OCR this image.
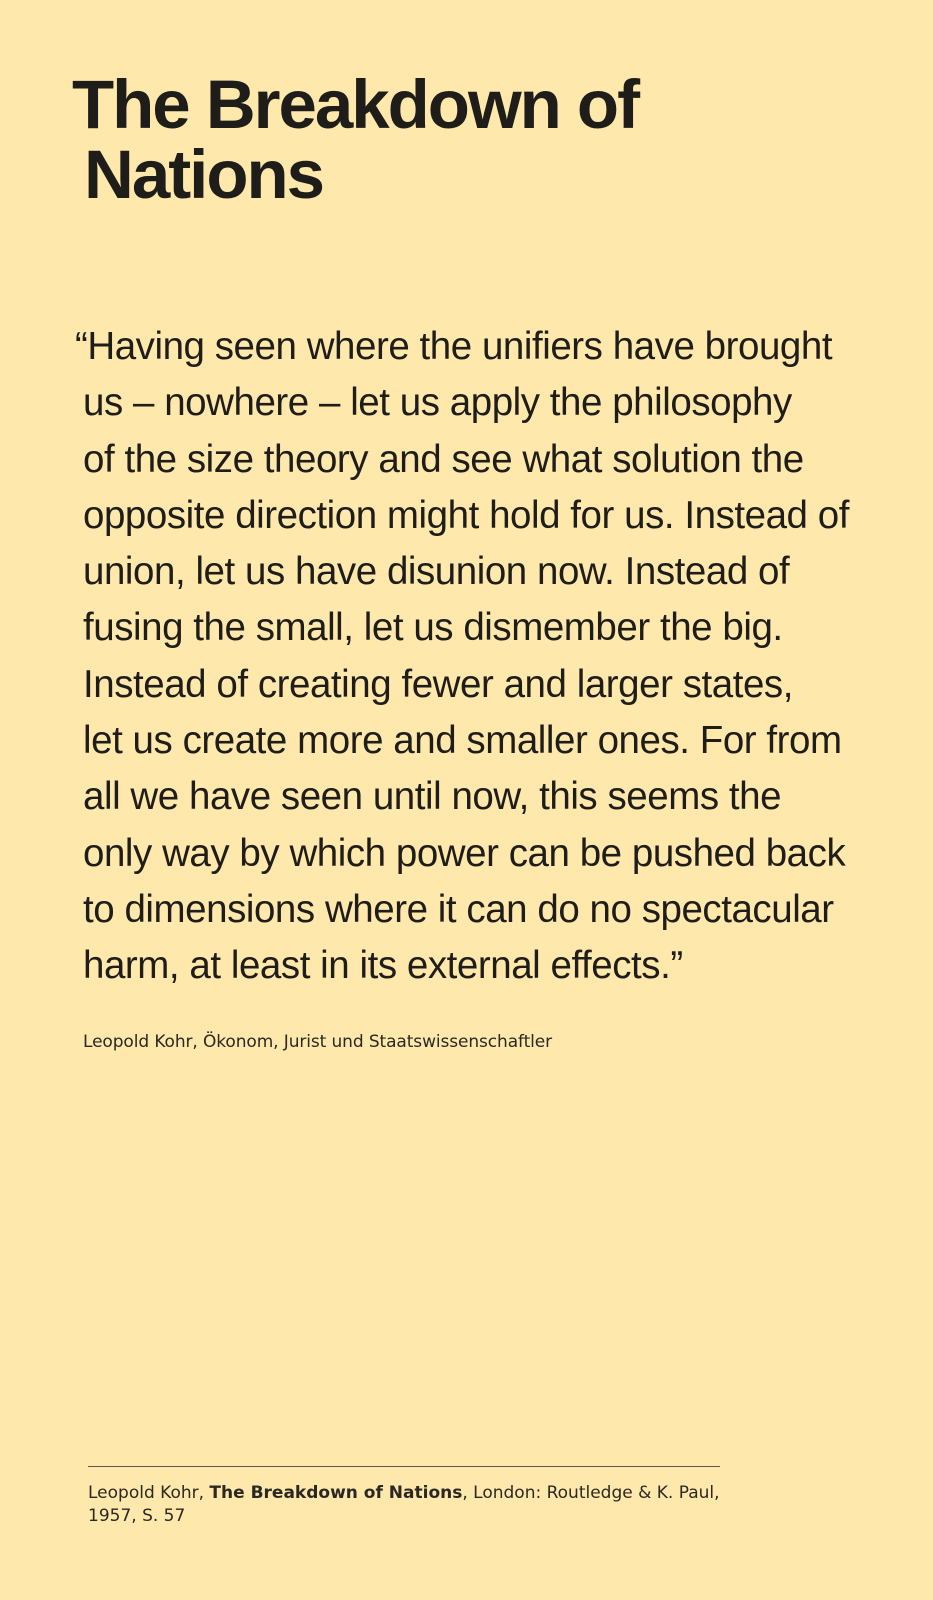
The Breakdown of
Nations
“Having seen where the unifiers have brought
us – nowhere – let us apply the philosophy
of the size theory and see what solution the
opposite direction might hold for us. Instead of
union, let us have disunion now. Instead of
fusing the small, let us dismember the big.
Instead of creating fewer and larger states,
let us create more and smaller ones. For from
all we have seen until now, this seems the
only way by which power can be pushed back
to dimensions where it can do no spectacular
harm, at least in its external effects.”

Leopold Kohr, Ökonom, Jurist und Staatswissenschaftler

Leopold Kohr, The Breakdown of Nations, London: Routledge & K. Paul,
1957, S. 57
